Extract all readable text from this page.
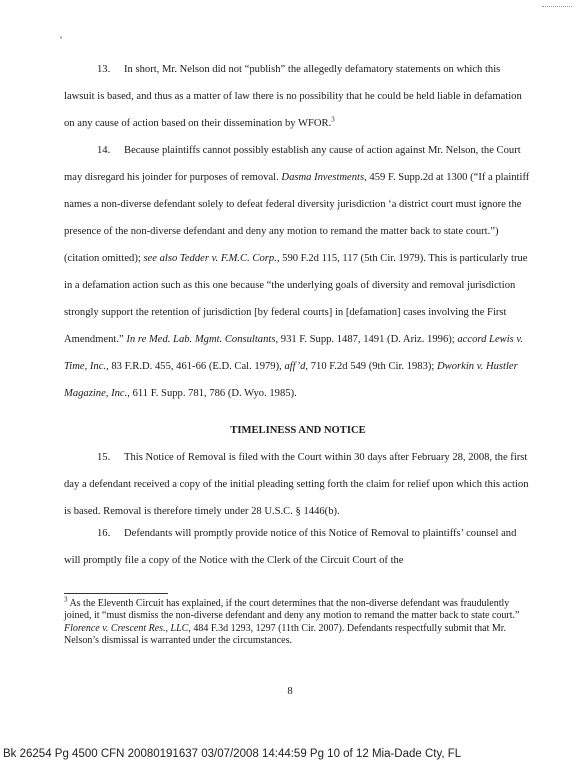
13. In short, Mr. Nelson did not “publish” the allegedly defamatory statements on which this lawsuit is based, and thus as a matter of law there is no possibility that he could be held liable in defamation on any cause of action based on their dissemination by WFOR.$^3$

14. Because plaintiffs cannot possibly establish any cause of action against Mr. Nelson, the Court may disregard his joinder for purposes of removal. Dasma Investments, 459 F. Supp.2d at 1300 (“If a plaintiff names a non-diverse defendant solely to defeat federal diversity jurisdiction ‘a district court must ignore the presence of the non-diverse defendant and deny any motion to remand the matter back to state court.”) (citation omitted); see also Tedder v. F.M.C. Corp., 590 F.2d 115, 117 (5th Cir. 1979). This is particularly true in a defamation action such as this one because “the underlying goals of diversity and removal jurisdiction strongly support the retention of jurisdiction [by federal courts] in [defamation] cases involving the First Amendment.” In re Med. Lab. Mgmt. Consultants, 931 F. Supp. 1487, 1491 (D. Ariz. 1996); accord Lewis v. Time, Inc., 83 F.R.D. 455, 461-66 (E.D. Cal. 1979), aff’d, 710 F.2d 549 (9th Cir. 1983); Dworkin v. Hustler Magazine, Inc., 611 F. Supp. 781, 786 (D. Wyo. 1985).

TIMELINESS AND NOTICE

15. This Notice of Removal is filed with the Court within 30 days after February 28, 2008, the first day a defendant received a copy of the initial pleading setting forth the claim for relief upon which this action is based. Removal is therefore timely under 28 U.S.C. § 1446(b).

16. Defendants will promptly provide notice of this Notice of Removal to plaintiffs’ counsel and will promptly file a copy of the Notice with the Clerk of the Circuit Court of the

$^3$ As the Eleventh Circuit has explained, if the court determines that the non-diverse defendant was fraudulently joined, it “must dismiss the non-diverse defendant and deny any motion to remand the matter back to state court.” Florence v. Crescent Res., LLC, 484 F.3d 1293, 1297 (11th Cir. 2007). Defendants respectfully submit that Mr. Nelson’s dismissal is warranted under the circumstances.
8
Bk 26254 Pg 4500 CFN 20080191637 03/07/2008 14:44:59 Pg 10 of 12 Mia-Dade Cty, FL
